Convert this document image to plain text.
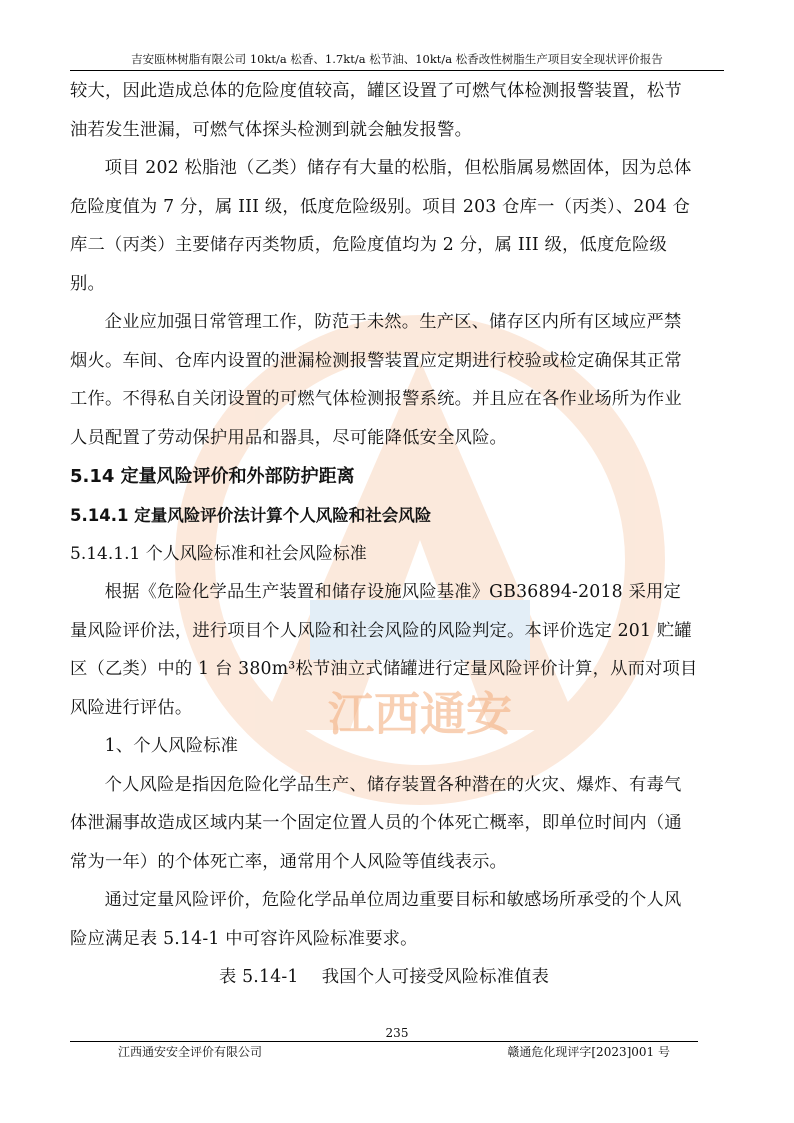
吉安瓯林树脂有限公司 10kt/a 松香、1.7kt/a 松节油、10kt/a 松香改性树脂生产项目安全现状评价报告
江西通安

较大，因此造成总体的危险度值较高，罐区设置了可燃气体检测报警装置，松节油若发生泄漏，可燃气体探头检测到就会触发报警。

项目 202 松脂池（乙类）储存有大量的松脂，但松脂属易燃固体，因为总体危险度值为 7 分，属 III 级，低度危险级别。项目 203 仓库一（丙类）、204 仓库二（丙类）主要储存丙类物质，危险度值均为 2 分，属 III 级，低度危险级别。

企业应加强日常管理工作，防范于未然。生产区、储存区内所有区域应严禁烟火。车间、仓库内设置的泄漏检测报警装置应定期进行校验或检定确保其正常工作。不得私自关闭设置的可燃气体检测报警系统。并且应在各作业场所为作业人员配置了劳动保护用品和器具，尽可能降低安全风险。

5.14 定量风险评价和外部防护距离
5.14.1 定量风险评价法计算个人风险和社会风险
5.14.1.1 个人风险标准和社会风险标准

根据《危险化学品生产装置和储存设施风险基准》GB36894-2018 采用定量风险评价法，进行项目个人风险和社会风险的风险判定。本评价选定 201 贮罐区（乙类）中的 1 台 380m³松节油立式储罐进行定量风险评价计算，从而对项目风险进行评估。

1、个人风险标准

个人风险是指因危险化学品生产、储存装置各种潜在的火灾、爆炸、有毒气体泄漏事故造成区域内某一个固定位置人员的个体死亡概率，即单位时间内（通常为一年）的个体死亡率，通常用个人风险等值线表示。

通过定量风险评价，危险化学品单位周边重要目标和敏感场所承受的个人风险应满足表 5.14-1 中可容许风险标准要求。

表 5.14-1　 我国个人可接受风险标准值表

235
江西通安安全评价有限公司	赣通危化现评字[2023]001 号
